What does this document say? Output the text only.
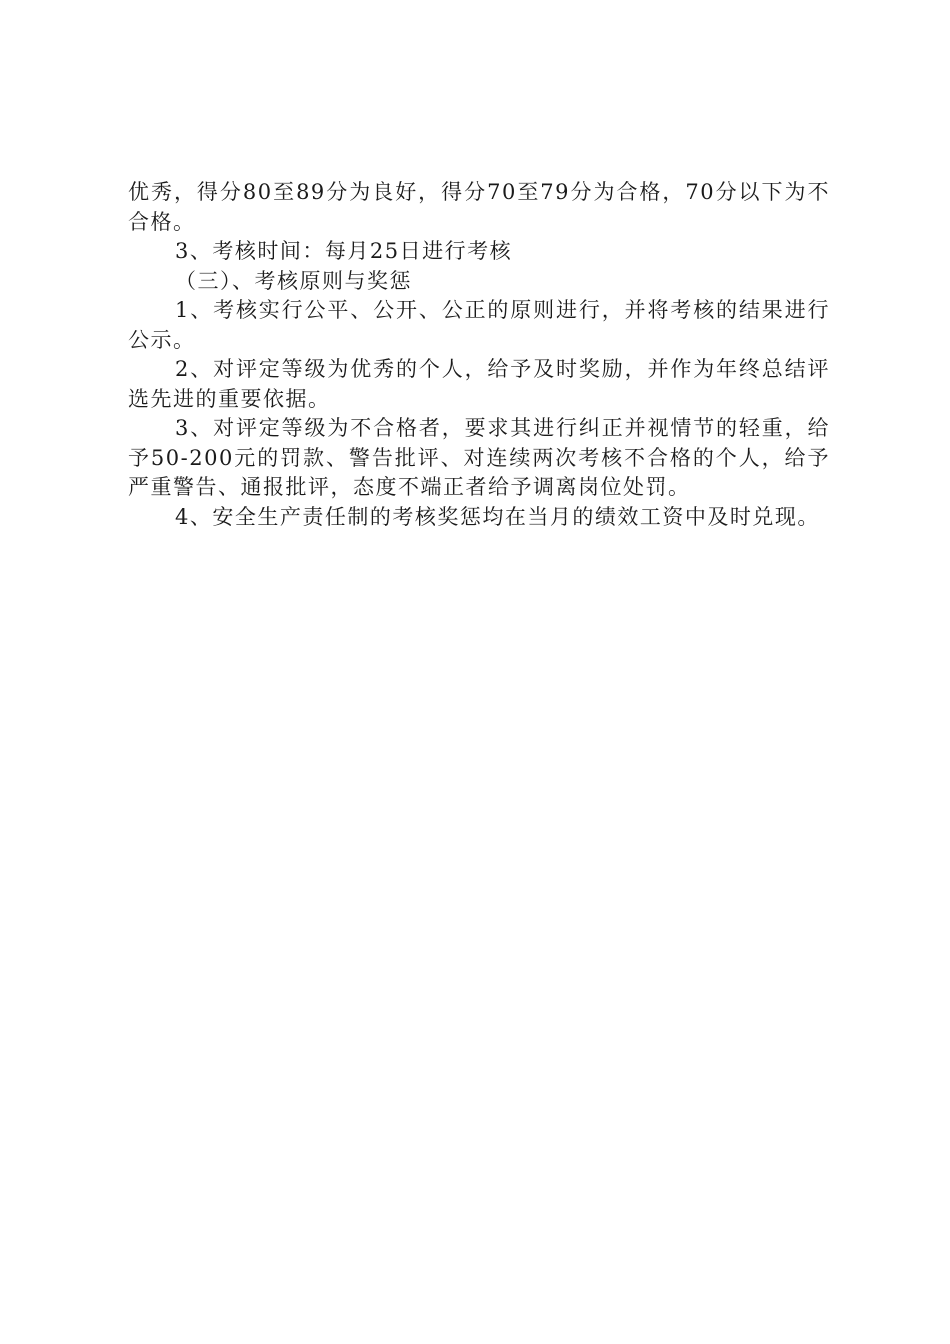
优秀，得分80至89分为良好，得分70至79分为合格，70分以下为不合格。

3、考核时间：每月25日进行考核

（三）、考核原则与奖惩

1、考核实行公平、公开、公正的原则进行，并将考核的结果进行公示。

2、对评定等级为优秀的个人，给予及时奖励，并作为年终总结评选先进的重要依据。

3、对评定等级为不合格者，要求其进行纠正并视情节的轻重，给予50-200元的罚款、警告批评、对连续两次考核不合格的个人，给予严重警告、通报批评，态度不端正者给予调离岗位处罚。

4、安全生产责任制的考核奖惩均在当月的绩效工资中及时兑现。
